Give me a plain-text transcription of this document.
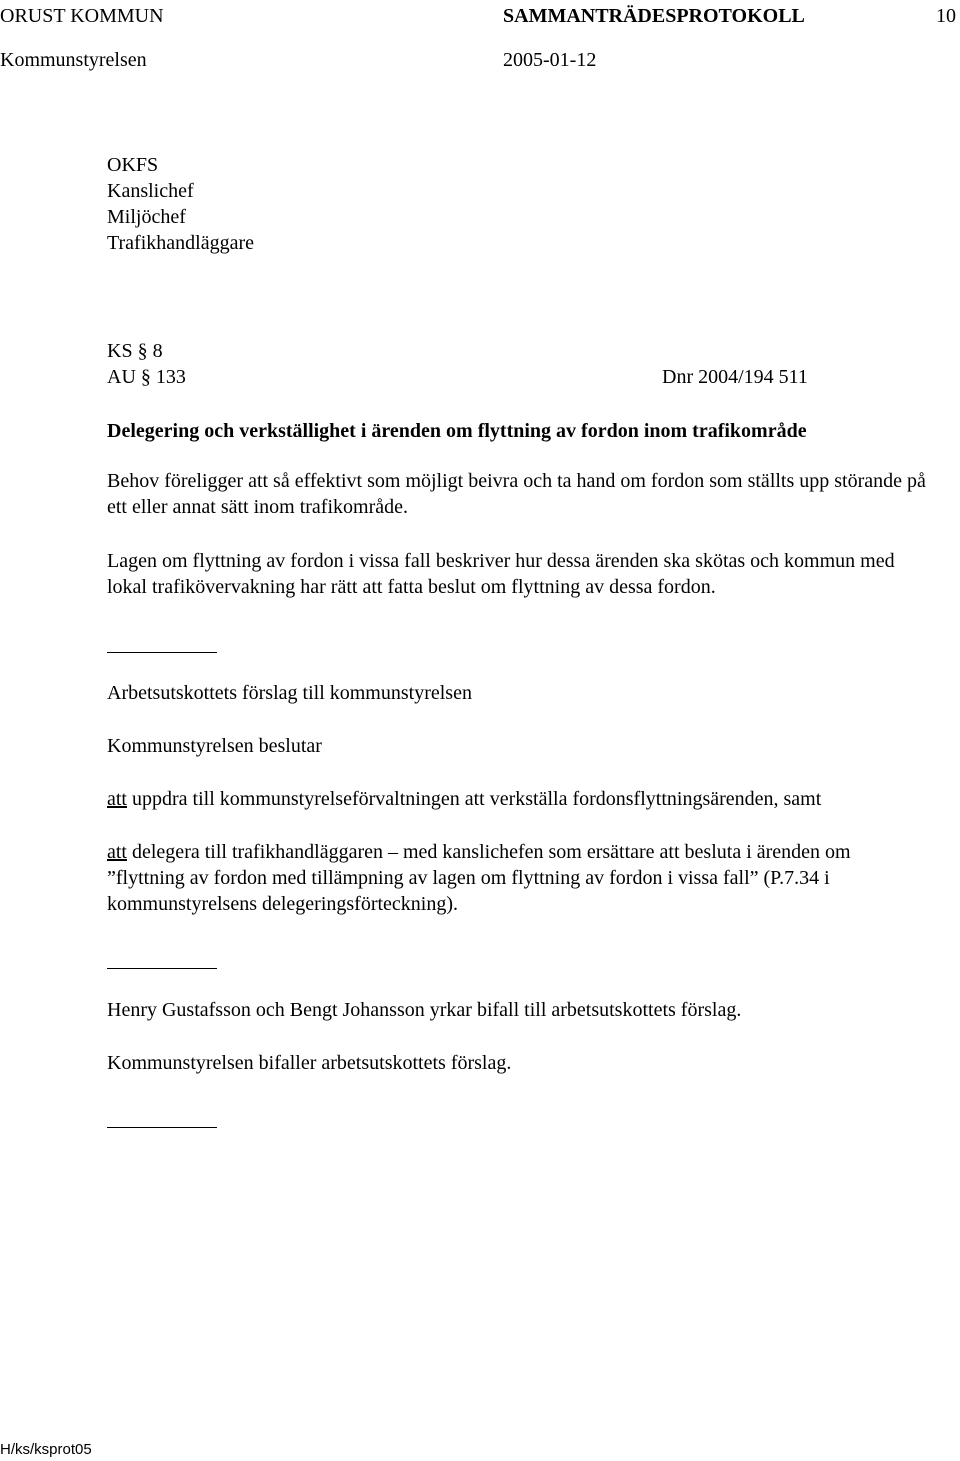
ORUST KOMMUN	SAMMANTRÄDESPROTOKOLL	10
Kommunstyrelsen	2005-01-12
OKFS
Kanslichef
Miljöchef
Trafikhandläggare
KS § 8
AU § 133	Dnr 2004/194 511
Delegering och verkställighet i ärenden om flyttning av fordon inom trafikområde
Behov föreligger att så effektivt som möjligt beivra och ta hand om fordon som ställts upp störande på ett eller annat sätt inom trafikområde.
Lagen om flyttning av fordon i vissa fall beskriver hur dessa ärenden ska skötas och kommun med lokal trafikövervakning har rätt att fatta beslut om flyttning av dessa fordon.
Arbetsutskottets förslag till kommunstyrelsen
Kommunstyrelsen beslutar
att uppdra till kommunstyrelseförvaltningen att verkställa fordonsflyttningsärenden, samt
att delegera till trafikhandläggaren – med kanslichefen som ersättare att besluta i ärenden om ”flyttning av fordon med tillämpning av lagen om flyttning av fordon i vissa fall” (P.7.34 i kommunstyrelsens delegeringsförteckning).
Henry Gustafsson och Bengt Johansson yrkar bifall till arbetsutskottets förslag.
Kommunstyrelsen bifaller arbetsutskottets förslag.
H/ks/ksprot05
